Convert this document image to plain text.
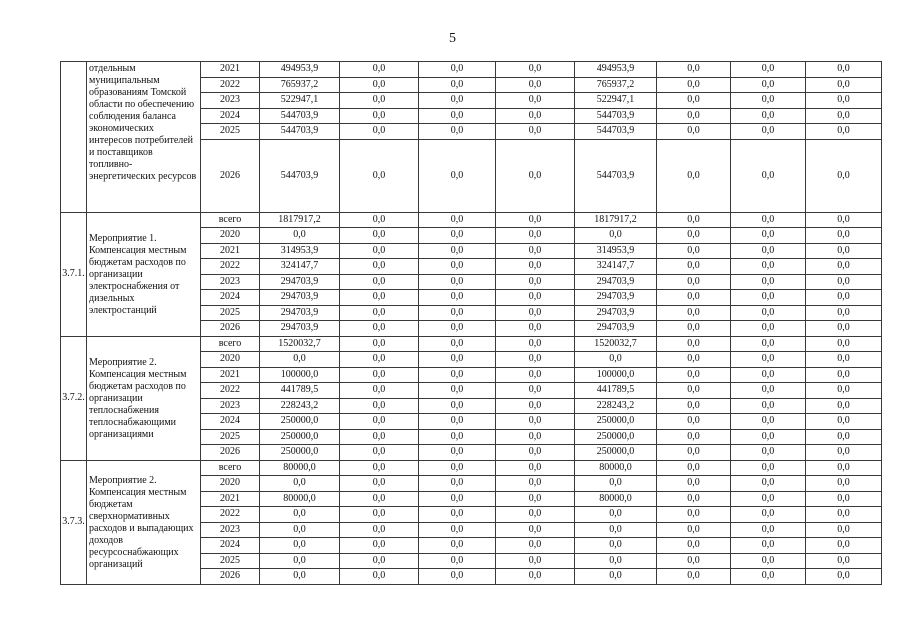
5
	отдельным муниципальным образованиям Томской области по обеспечению соблюдения баланса экономических интересов потребителей и поставщиков топливно-энергетических ресурсов	2021	494953,9	0,0	0,0	0,0	494953,9	0,0	0,0	0,0
		2022	765937,2	0,0	0,0	0,0	765937,2	0,0	0,0	0,0
		2023	522947,1	0,0	0,0	0,0	522947,1	0,0	0,0	0,0
		2024	544703,9	0,0	0,0	0,0	544703,9	0,0	0,0	0,0
		2025	544703,9	0,0	0,0	0,0	544703,9	0,0	0,0	0,0
		2026	544703,9	0,0	0,0	0,0	544703,9	0,0	0,0	0,0
3.7.1.	Мероприятие 1. Компенсация местным бюджетам расходов по организации электроснабжения от дизельных электростанций	всего	1817917,2	0,0	0,0	0,0	1817917,2	0,0	0,0	0,0
		2020	0,0	0,0	0,0	0,0	0,0	0,0	0,0	0,0
		2021	314953,9	0,0	0,0	0,0	314953,9	0,0	0,0	0,0
		2022	324147,7	0,0	0,0	0,0	324147,7	0,0	0,0	0,0
		2023	294703,9	0,0	0,0	0,0	294703,9	0,0	0,0	0,0
		2024	294703,9	0,0	0,0	0,0	294703,9	0,0	0,0	0,0
		2025	294703,9	0,0	0,0	0,0	294703,9	0,0	0,0	0,0
		2026	294703,9	0,0	0,0	0,0	294703,9	0,0	0,0	0,0
3.7.2.	Мероприятие 2. Компенсация местным бюджетам расходов по организации теплоснабжения теплоснабжающими организациями	всего	1520032,7	0,0	0,0	0,0	1520032,7	0,0	0,0	0,0
		2020	0,0	0,0	0,0	0,0	0,0	0,0	0,0	0,0
		2021	100000,0	0,0	0,0	0,0	100000,0	0,0	0,0	0,0
		2022	441789,5	0,0	0,0	0,0	441789,5	0,0	0,0	0,0
		2023	228243,2	0,0	0,0	0,0	228243,2	0,0	0,0	0,0
		2024	250000,0	0,0	0,0	0,0	250000,0	0,0	0,0	0,0
		2025	250000,0	0,0	0,0	0,0	250000,0	0,0	0,0	0,0
		2026	250000,0	0,0	0,0	0,0	250000,0	0,0	0,0	0,0
3.7.3.	Мероприятие 2. Компенсация местным бюджетам сверхнормативных расходов и выпадающих доходов ресурсоснабжающих организаций	всего	80000,0	0,0	0,0	0,0	80000,0	0,0	0,0	0,0
		2020	0,0	0,0	0,0	0,0	0,0	0,0	0,0	0,0
		2021	80000,0	0,0	0,0	0,0	80000,0	0,0	0,0	0,0
		2022	0,0	0,0	0,0	0,0	0,0	0,0	0,0	0,0
		2023	0,0	0,0	0,0	0,0	0,0	0,0	0,0	0,0
		2024	0,0	0,0	0,0	0,0	0,0	0,0	0,0	0,0
		2025	0,0	0,0	0,0	0,0	0,0	0,0	0,0	0,0
		2026	0,0	0,0	0,0	0,0	0,0	0,0	0,0	0,0
